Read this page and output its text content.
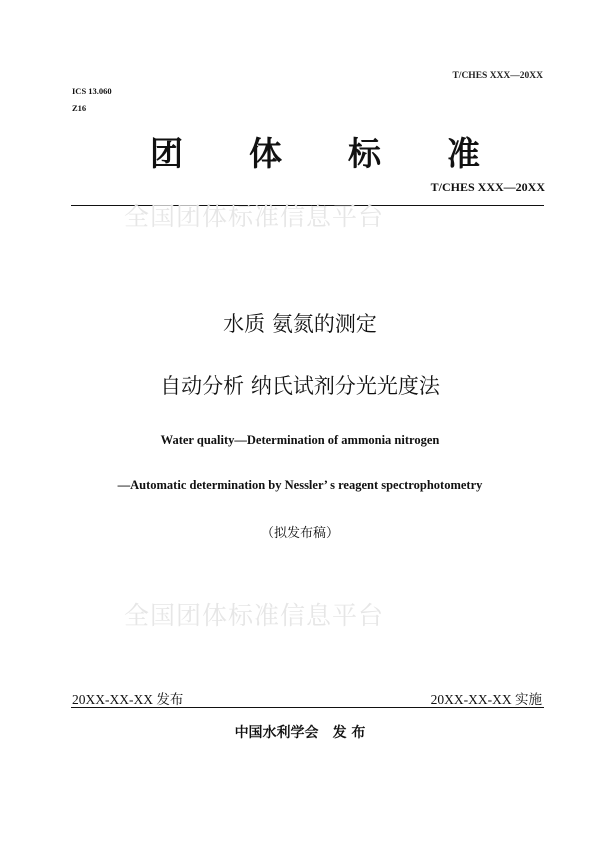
T/CHES XXX—20XX
ICS 13.060
Z16
团 体 标 准
T/CHES XXX—20XX
全国团体标准信息平台
全国团体标准信息平台
水质 氨氮的测定
自动分析 纳氏试剂分光光度法
Water quality—Determination of ammonia nitrogen
—Automatic determination by Nessler’ s reagent spectrophotometry
（拟发布稿）
20XX-XX-XX 发布	20XX-XX-XX 实施
中国水利学会 发 布
